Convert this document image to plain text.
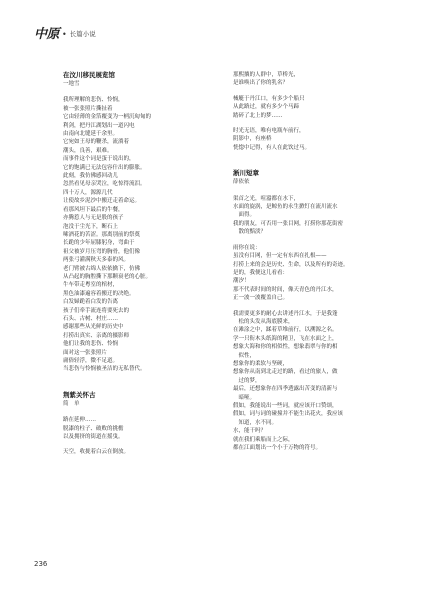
中原 • 长篇小说
在汶川移民展览馆
一地雪

我所理解的悲伤、怜悯，

被一张张照片撕扯着

它由轻薄的金箔覆变为一柄沉甸甸的

利剑，把丹江湖划出一道闪电

由南向北缝延千余里。

它宛如王母的鞭杀，流淌着

潮头，良善，艰难。

而事件这个词是蛋于说出的，

它的饱满已无法包容什出的膨胀。

此刻，我仿佛感回动儿

忽然看见母亲哭泣，吃惊得流泪。

四十万人，源源几代

让使故乡泥沙中搬迁走着命运。

看那风坦下最后的牛餐，

亦腾惹人与无是股的孩子

泡没于尘光下，断石上

嗦酒花的苦涩。那离别前的祭奠

长跪的少年屈膝躬身，弯曲于

祖父被岁月压弯的胸骨，他们像

两张弓灌满秋天多泰的风。

老门臂被古绵人依依擒下，仿佛

从凸起的胸腔撕下那颗衰老的心脏。

牛车带走粤室的棺材，

黑色油漆遍容着搬迁的决绝。

白发婦跪着白发的告离

孩子们牵手流连将要死去的

石头、古树、村庄……

感谢那些从光鲜的历史中

打捞出真实、亲离的摄影师

他们让我的悲伤、怜悯

面对这一张张照片

庸俗轻浮，微不足道。

当悲伤与怜悯被圣洁的无私替代。

荆紫关怀古
简　单

路在延伸……

脱漆的柱子、破败的挑檐

以及拥挤的街道在摇曳。

天空，收拢着白云在倒放。

那熙攘的人群中，草桥光，

是谁唤出了你的乳名？

械艇于丹江口，有多少个船只

从此路过，就有多少个马蹄

踏碎了北上的梦……

时光无语，唯有电瓶车前行，

阴影中，有座桥

恍惚中记得，有人在此饮过马。

淅川短章
薛依依

渠首之光，喧嚣都在水下，

水面的旋涡，是鲸鱼的永生掀钉在流川流水

面得。

我的朋友，可否用一张目网，打捞你那花街密

散的黯淡？

雨你在说：

虽没有目网，但一定有东西在扎根——

打捞上来的会是历史、生命，以及所有的奇迹。

是的，我便这儿看看：

潮汐！

那不代表时间的时间，像天青色的丹江水，

正一波一波覆盖自己。

我需要更多的耐心去讲述丹江水，于是我蓬

松的头发从海底膜来，

在滩涂之中，蹂着草堆前行，以溯源之名。

学一只衔木头纸海的精卫，飞在水面之上，

想象大海和你的相似性，想象翡翠与你的相

似性，

想象你的柔软与坚硬，

想象你从南到北走过的路，看过的旅人，做

过的梦，

最后，还想象你在四季透露出苦变的清新与

暗哑。

假如，我能说出一些词，就应该开口赞颂，

假如，词与词的碰撞并不能生出花火，我应该

知道，水不同。

水，能干吗？

就在我们乘船而上之际，

都在江面划出一个小于万物的符号。

236
